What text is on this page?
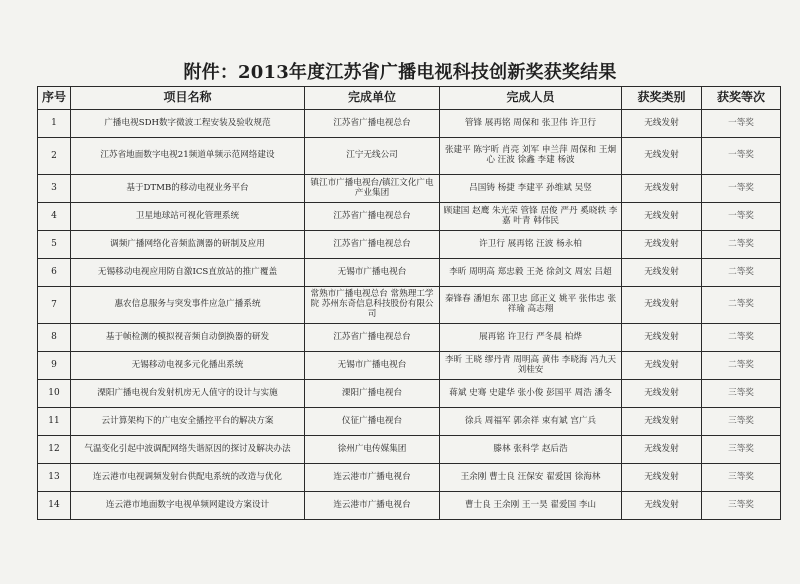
附件：2013年度江苏省广播电视科技创新奖获奖结果
序号	项目名称	完成单位	完成人员	获奖类别	获奖等次
1	广播电视SDH数字微波工程安装及验收规范	江苏省广播电视总台	管锋 展再铭 周保和 张卫伟 许卫行	无线发射	一等奖
2	江苏省地面数字电视21频道单频示范网络建设	江宁无线公司	张建平 陈宇昕 肖亮 刘军 申兰萍 周保和 王炯心 汪波 徐鑫 李建 杨波	无线发射	一等奖
3	基于DTMB的移动电视业务平台	镇江市广播电视台/镇江文化广电产业集团	吕国铸 杨捷 李建平 孙维斌 吴竖	无线发射	一等奖
4	卫星地球站可视化管理系统	江苏省广播电视总台	顾建国 赵鹰 朱光荣 管锋 居俊 严丹 奚晓轶 李嘉 叶青 韩伟民	无线发射	一等奖
5	调频广播网络化音频监测器的研制及应用	江苏省广播电视总台	许卫行 展再铭 汪波 杨永柏	无线发射	二等奖
6	无锡移动电视应用防自激ICS直放站的推广覆盖	无锡市广播电视台	李昕 周明高 郑忠毅 王尧 徐剑文 周宏 吕超	无线发射	二等奖
7	惠农信息服务与突发事件应急广播系统	常熟市广播电视总台 常熟理工学院 苏州东奇信息科技股份有限公司	秦锋春 潘旭东 邵卫忠 邱正义 姚平 张伟忠 张祥瑜 高志翔	无线发射	二等奖
8	基于帧检测的模拟视音频自动倒换器的研发	江苏省广播电视总台	展再铭 许卫行 严冬晨 柏烨	无线发射	二等奖
9	无锡移动电视多元化播出系统	无锡市广播电视台	李昕 王晓 缪丹青 周明高 黄伟 李晓海 冯九天 刘桂安	无线发射	二等奖
10	溧阳广播电视台发射机房无人值守的设计与实施	溧阳广播电视台	蒋斌 史骞 史建华 张小俊 彭国平 周浩 潘冬	无线发射	三等奖
11	云计算架构下的广电安全播控平台的解决方案	仪征广播电视台	徐兵 周福军 郭余祥 束有斌 宫广兵	无线发射	三等奖
12	气温变化引起中波调配网络失谐原因的探讨及解决办法	徐州广电传媒集团	滕林 张科学 赵后浩	无线发射	三等奖
13	连云港市电视调频发射台供配电系统的改造与优化	连云港市广播电视台	王余刚 曹士良 汪保安 翟爱国 徐海林	无线发射	三等奖
14	连云港市地面数字电视单频网建设方案设计	连云港市广播电视台	曹士良 王余刚 王一昊 翟爱国 李山	无线发射	三等奖
